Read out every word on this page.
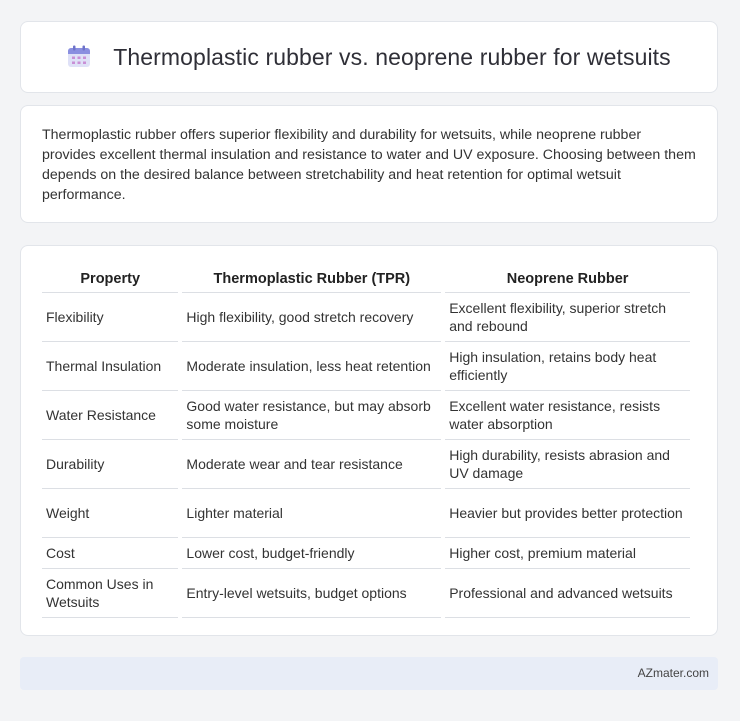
Thermoplastic rubber vs. neoprene rubber for wetsuits

Thermoplastic rubber offers superior flexibility and durability for wetsuits, while neoprene rubber provides excellent thermal insulation and resistance to water and UV exposure. Choosing between them depends on the desired balance between stretchability and heat retention for optimal wetsuit performance.

Property	Thermoplastic Rubber (TPR)	Neoprene Rubber
Flexibility	High flexibility, good stretch recovery	Excellent flexibility, superior stretch and rebound
Thermal Insulation	Moderate insulation, less heat retention	High insulation, retains body heat efficiently
Water Resistance	Good water resistance, but may absorb some moisture	Excellent water resistance, resists water absorption
Durability	Moderate wear and tear resistance	High durability, resists abrasion and UV damage
Weight	Lighter material	Heavier but provides better protection
Cost	Lower cost, budget-friendly	Higher cost, premium material
Common Uses in Wetsuits	Entry-level wetsuits, budget options	Professional and advanced wetsuits
AZmater.com
